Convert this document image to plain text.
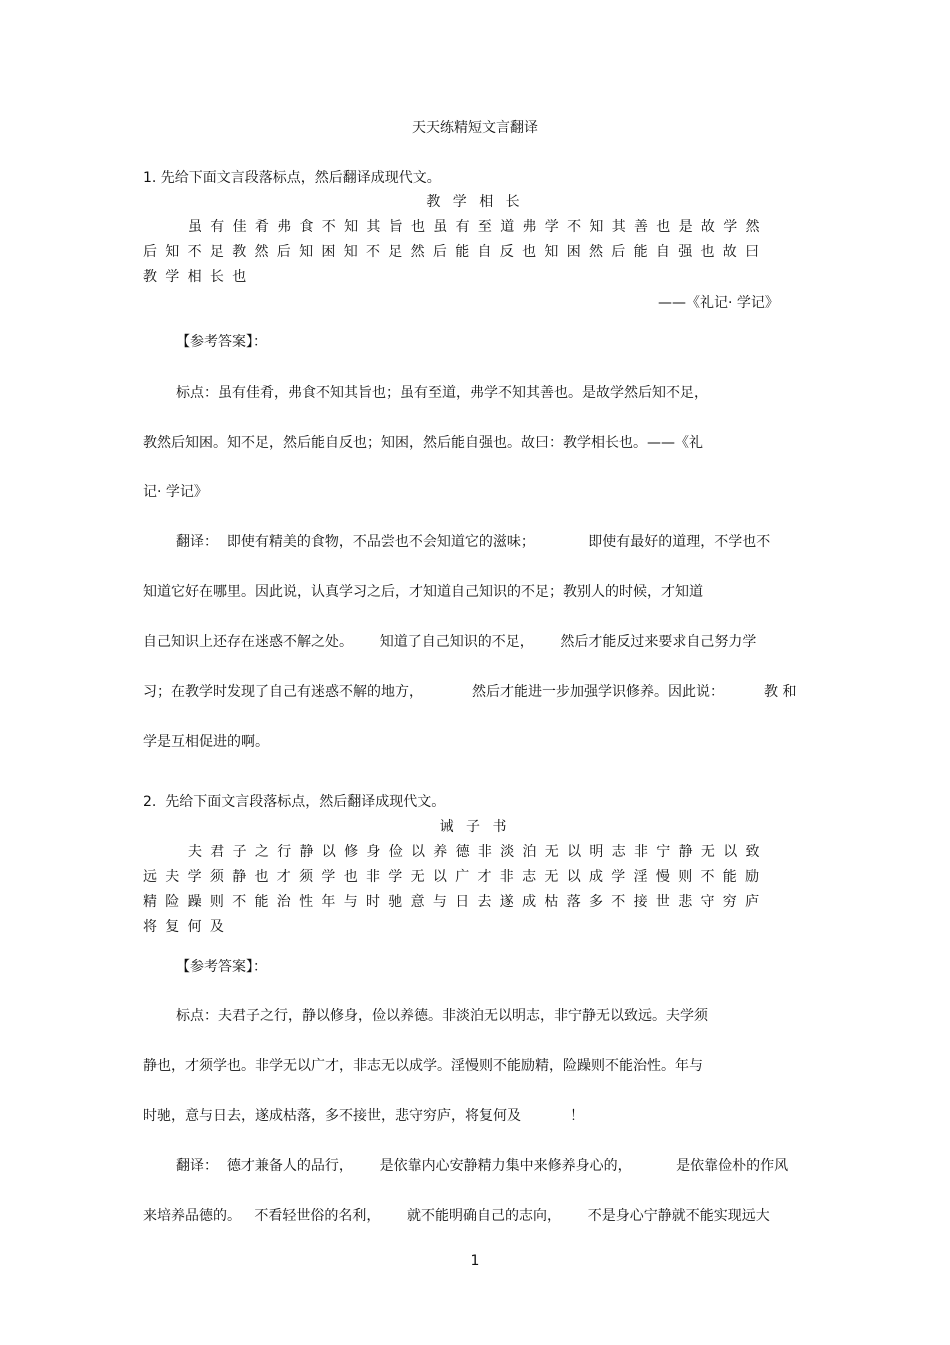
天天练精短文言翻译
1. 先给下面文言段落标点，然后翻译成现代文。
教 学 相 长
虽有佳肴弗食不知其旨也虽有至道弗学不知其善也是故学然
后知不足教然后知困知不足然后能自反也知困然后能自强也故曰
教学相长也
——《礼记· 学记》
【参考答案】：
标点：虽有佳肴，弗食不知其旨也；虽有至道，弗学不知其善也。是故学然后知不足，
教然后知困。知不足，然后能自反也；知困，然后能自强也。故曰：教学相长也。——《礼
记· 学记》
翻译：  即使有精美的食物，不品尝也不会知道它的滋味；            即使有最好的道理，不学也不
知道它好在哪里。因此说，认真学习之后，才知道自己知识的不足；教别人的时候，才知道
自己知识上还存在迷惑不解之处。      知道了自己知识的不足，      然后才能反过来要求自己努力学
习；在教学时发现了自己有迷惑不解的地方，           然后才能进一步加强学识修养。因此说：         教 和
学是互相促进的啊。
2.  先给下面文言段落标点，然后翻译成现代文。
诫 子 书
夫君子之行静以修身俭以养德非淡泊无以明志非宁静无以致
远夫学须静也才须学也非学无以广才非志无以成学淫慢则不能励
精险躁则不能治性年与时驰意与日去遂成枯落多不接世悲守穷庐
将复何及
【参考答案】：
标点：夫君子之行，静以修身，俭以养德。非淡泊无以明志，非宁静无以致远。夫学须
静也，才须学也。非学无以广才，非志无以成学。淫慢则不能励精，险躁则不能治性。年与
时驰，意与日去，遂成枯落，多不接世，悲守穷庐，将复何及           ！
翻译：  德才兼备人的品行，      是依靠内心安静精力集中来修养身心的，          是依靠俭朴的作风
来培养品德的。   不看轻世俗的名利，      就不能明确自己的志向，      不是身心宁静就不能实现远大
1
